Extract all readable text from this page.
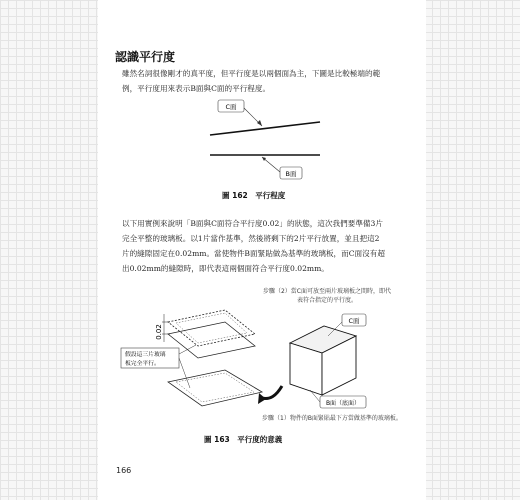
認識平行度
雖然名詞很像剛才的真平度，但平行度是以兩個面為主，下圖是比較極端的範例，平行度用來表示B面與C面的平行程度。
C面
B面
圖 162　平行程度
以下用實例來說明「B面與C面符合平行度0.02」的狀態，這次我們要準備3片完全平整的玻璃板。以1片當作基準，然後將剩下的2片平行放置，並且把這2片的縫隙固定在0.02mm。當使物件B面緊貼做為基準的玻璃板，而C面沒有超出0.02mm的縫隙時，即代表這兩個面符合平行度0.02mm。
步驟（2）當C面可放至兩片玻璃板之間時，即代表符合指定的平行度。
0.02
假設這三片玻璃
板完全平行。
C面
B面（底面）
步驟（1）物件的B面緊貼最下方當做基準的玻璃板。
圖 163　平行度的意義
166
